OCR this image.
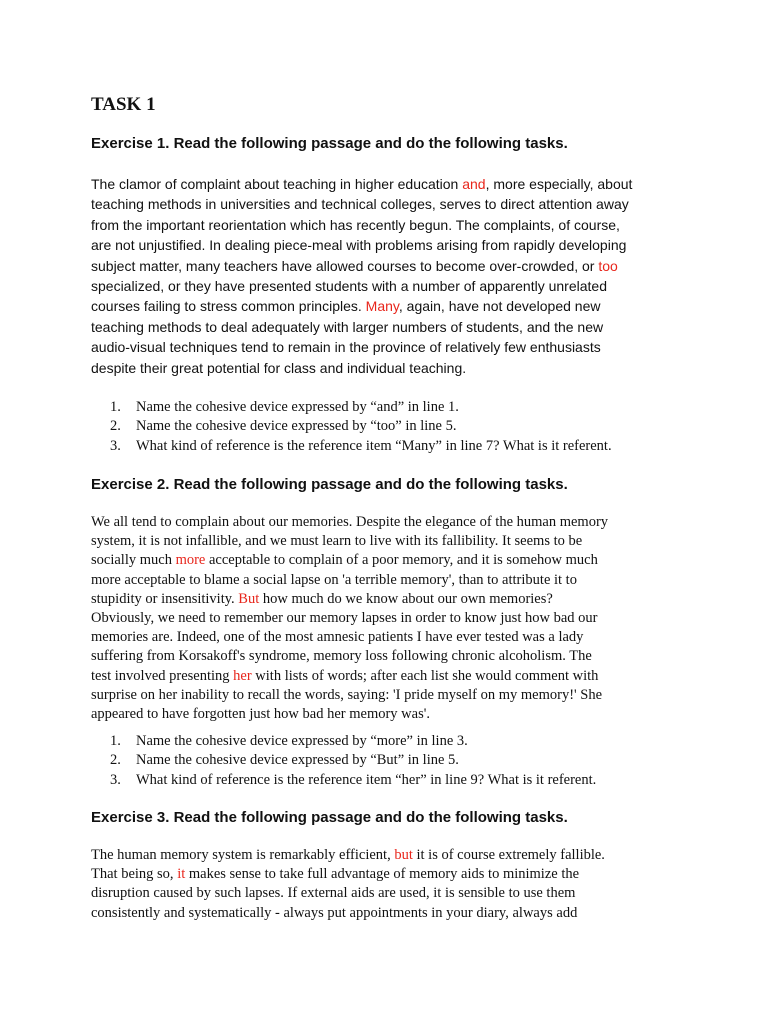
TASK 1
Exercise 1. Read the following passage and do the following tasks.
The clamor of complaint about teaching in higher education and, more especially, about
teaching methods in universities and technical colleges, serves to direct attention away
from the important reorientation which has recently begun. The complaints, of course,
are not unjustified. In dealing piece-meal with problems arising from rapidly developing
subject matter, many teachers have allowed courses to become over-crowded, or too
specialized, or they have presented students with a number of apparently unrelated
courses failing to stress common principles. Many, again, have not developed new
teaching methods to deal adequately with larger numbers of students, and the new
audio-visual techniques tend to remain in the province of relatively few enthusiasts
despite their great potential for class and individual teaching.
1. Name the cohesive device expressed by “and” in line 1.
2. Name the cohesive device expressed by “too” in line 5.
3. What kind of reference is the reference item “Many” in line 7? What is it referent.
Exercise 2. Read the following passage and do the following tasks.
We all tend to complain about our memories. Despite the elegance of the human memory
system, it is not infallible, and we must learn to live with its fallibility. It seems to be
socially much more acceptable to complain of a poor memory, and it is somehow much
more acceptable to blame a social lapse on 'a terrible memory', than to attribute it to
stupidity or insensitivity. But how much do we know about our own memories?
Obviously, we need to remember our memory lapses in order to know just how bad our
memories are. Indeed, one of the most amnesic patients I have ever tested was a lady
suffering from Korsakoff's syndrome, memory loss following chronic alcoholism. The
test involved presenting her with lists of words; after each list she would comment with
surprise on her inability to recall the words, saying: 'I pride myself on my memory!' She
appeared to have forgotten just how bad her memory was'.
1. Name the cohesive device expressed by “more” in line 3.
2. Name the cohesive device expressed by “But” in line 5.
3. What kind of reference is the reference item “her” in line 9? What is it referent.
Exercise 3. Read the following passage and do the following tasks.
The human memory system is remarkably efficient, but it is of course extremely fallible.
That being so, it makes sense to take full advantage of memory aids to minimize the
disruption caused by such lapses. If external aids are used, it is sensible to use them
consistently and systematically - always put appointments in your diary, always add
